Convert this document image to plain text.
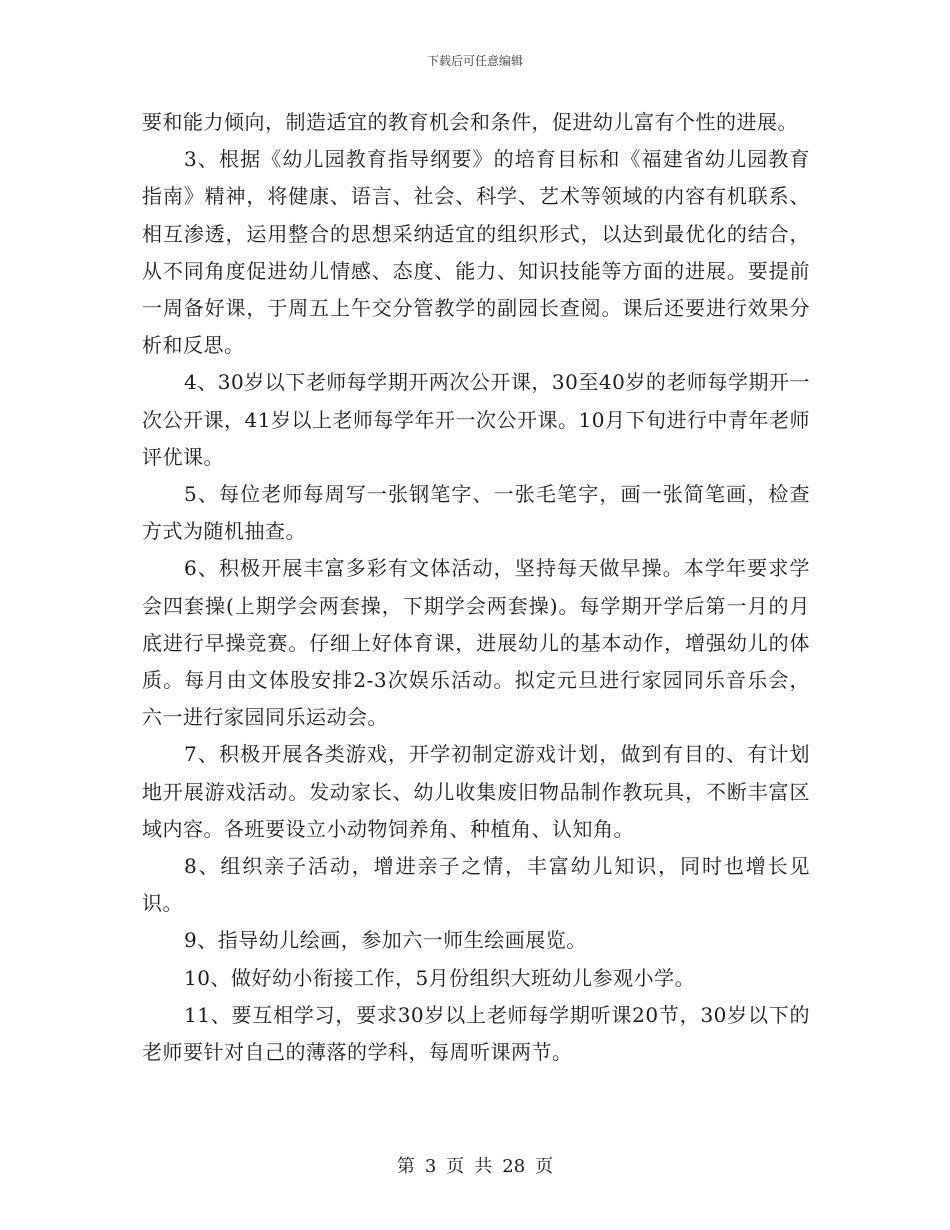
下载后可任意编辑

要和能力倾向，制造适宜的教育机会和条件，促进幼儿富有个性的进展。

3、根据《幼儿园教育指导纲要》的培育目标和《福建省幼儿园教育指南》精神，将健康、语言、社会、科学、艺术等领域的内容有机联系、相互渗透，运用整合的思想采纳适宜的组织形式，以达到最优化的结合，从不同角度促进幼儿情感、态度、能力、知识技能等方面的进展。要提前一周备好课，于周五上午交分管教学的副园长查阅。课后还要进行效果分析和反思。

4、30岁以下老师每学期开两次公开课，30至40岁的老师每学期开一次公开课，41岁以上老师每学年开一次公开课。10月下旬进行中青年老师评优课。

5、每位老师每周写一张钢笔字、一张毛笔字，画一张简笔画，检查方式为随机抽查。

6、积极开展丰富多彩有文体活动，坚持每天做早操。本学年要求学会四套操(上期学会两套操，下期学会两套操)。每学期开学后第一月的月底进行早操竞赛。仔细上好体育课，进展幼儿的基本动作，增强幼儿的体质。每月由文体股安排2-3次娱乐活动。拟定元旦进行家园同乐音乐会，六一进行家园同乐运动会。

7、积极开展各类游戏，开学初制定游戏计划，做到有目的、有计划地开展游戏活动。发动家长、幼儿收集废旧物品制作教玩具，不断丰富区域内容。各班要设立小动物饲养角、种植角、认知角。

8、组织亲子活动，增进亲子之情，丰富幼儿知识，同时也增长见识。

9、指导幼儿绘画，参加六一师生绘画展览。

10、做好幼小衔接工作，5月份组织大班幼儿参观小学。

11、要互相学习，要求30岁以上老师每学期听课20节，30岁以下的老师要针对自己的薄落的学科，每周听课两节。

第 3 页 共 28 页
